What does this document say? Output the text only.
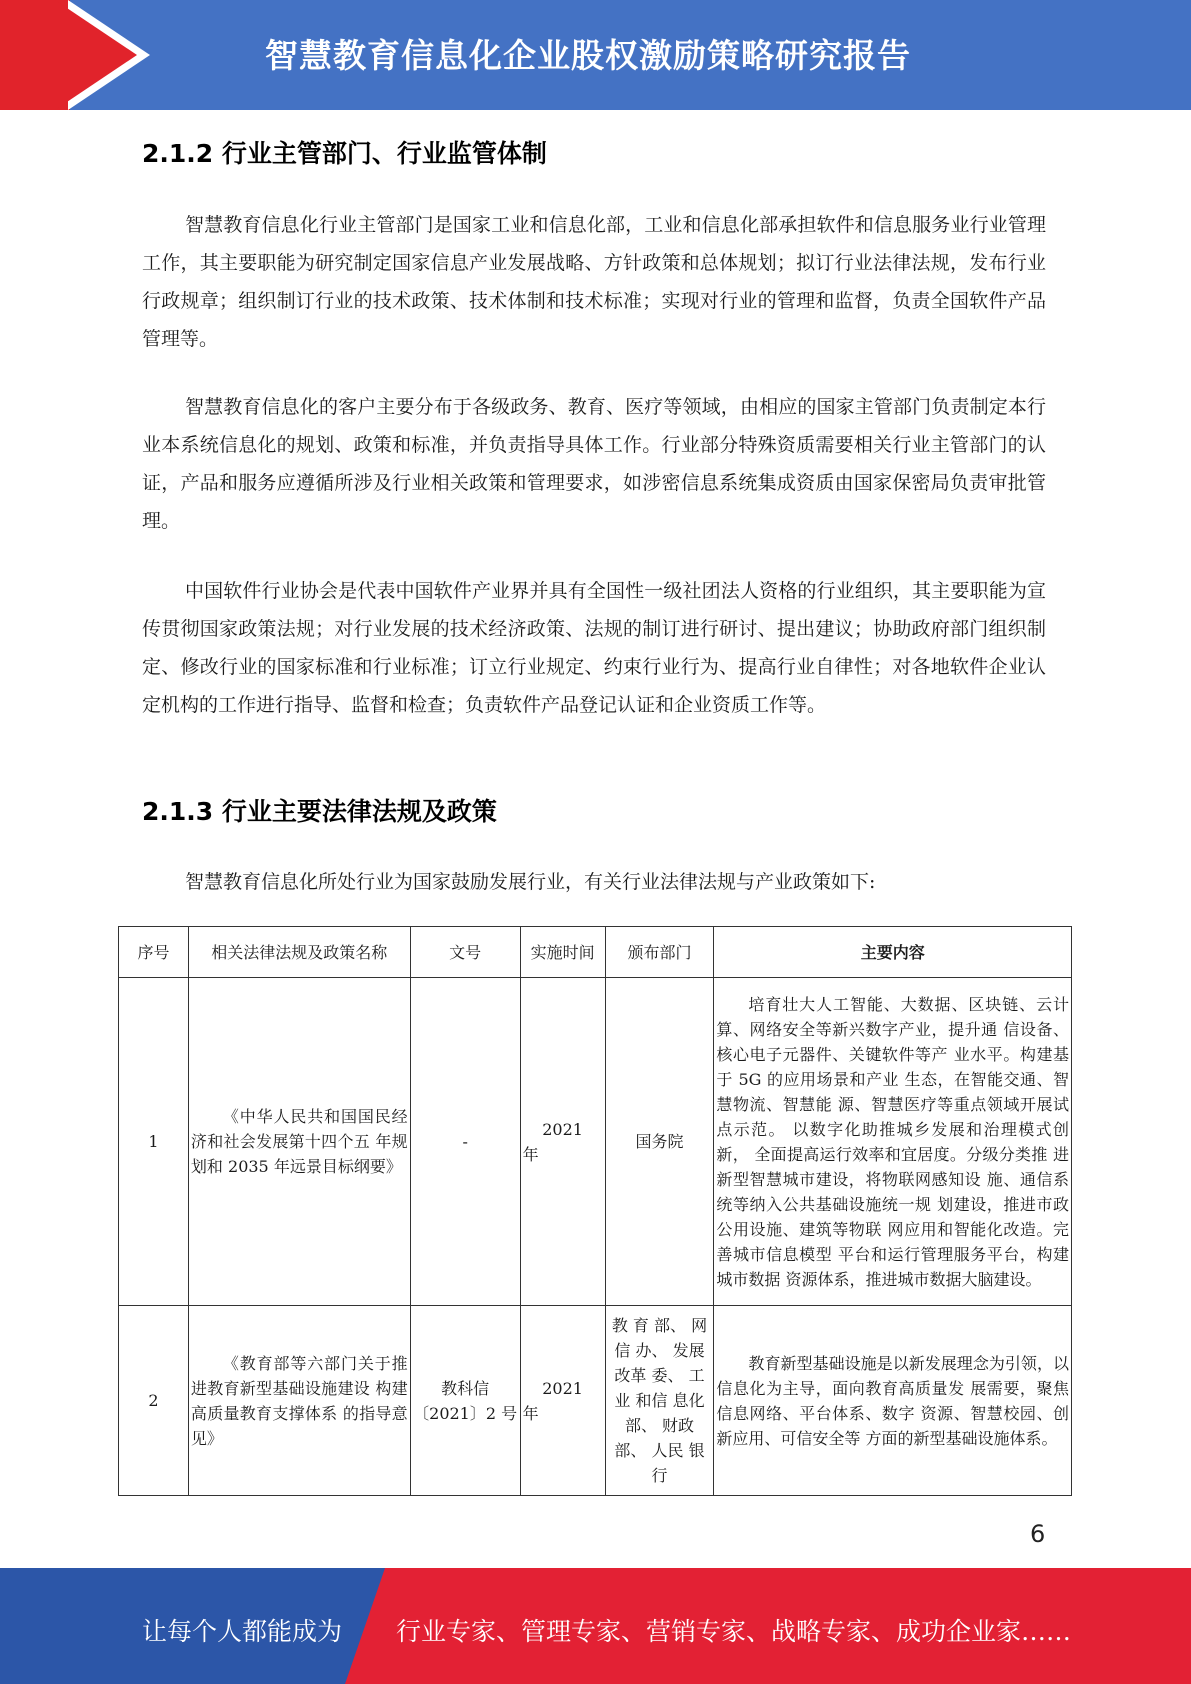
智慧教育信息化企业股权激励策略研究报告
2.1.2 行业主管部门、行业监管体制

智慧教育信息化行业主管部门是国家工业和信息化部，工业和信息化部承担软件和信息服务业行业管理工作，其主要职能为研究制定国家信息产业发展战略、方针政策和总体规划；拟订行业法律法规，发布行业行政规章；组织制订行业的技术政策、技术体制和技术标准；实现对行业的管理和监督，负责全国软件产品管理等。

智慧教育信息化的客户主要分布于各级政务、教育、医疗等领域，由相应的国家主管部门负责制定本行业本系统信息化的规划、政策和标准，并负责指导具体工作。行业部分特殊资质需要相关行业主管部门的认证，产品和服务应遵循所涉及行业相关政策和管理要求，如涉密信息系统集成资质由国家保密局负责审批管理。

中国软件行业协会是代表中国软件产业界并具有全国性一级社团法人资格的行业组织，其主要职能为宣传贯彻国家政策法规；对行业发展的技术经济政策、法规的制订进行研讨、提出建议；协助政府部门组织制定、修改行业的国家标准和行业标准；订立行业规定、约束行业行为、提高行业自律性；对各地软件企业认定机构的工作进行指导、监督和检查；负责软件产品登记认证和企业资质工作等。

2.1.3 行业主要法律法规及政策

智慧教育信息化所处行业为国家鼓励发展行业，有关行业法律法规与产业政策如下:

序号	相关法律法规及政策名称	文号	实施时间	颁布部门	主要内容
1	《中华人民共和国国民经 济和社会发展第十四个五 年规划和 2035 年远景目标纲要》	-	2021
年	国务院	培育壮大人工智能、大数据、区块链、云计算、网络安全等新兴数字产业，提升通 信设备、核心电子元器件、关键软件等产 业水平。构建基于 5G 的应用场景和产业 生态，在智能交通、智慧物流、智慧能 源、智慧医疗等重点领域开展试点示范。 以数字化助推城乡发展和治理模式创新， 全面提高运行效率和宜居度。分级分类推 进新型智慧城市建设，将物联网感知设 施、通信系统等纳入公共基础设施统一规 划建设，推进市政公用设施、建筑等物联 网应用和智能化改造。完善城市信息模型 平台和运行管理服务平台，构建城市数据 资源体系，推进城市数据大脑建设。
2	《教育部等六部门关于推 进教育新型基础设施建设 构建高质量教育支撑体系 的指导意见》	教科信〔2021〕2 号	2021
年	教 育 部、 网信 办、 发展 改革 委、 工业 和信 息化 部、 财政 部、 人民 银行	教育新型基础设施是以新发展理念为引领，以信息化为主导，面向教育高质量发 展需要，聚焦信息网络、平台体系、数字 资源、智慧校园、创新应用、可信安全等 方面的新型基础设施体系。
6
让每个人都能成为 行业专家、管理专家、营销专家、战略专家、成功企业家……
